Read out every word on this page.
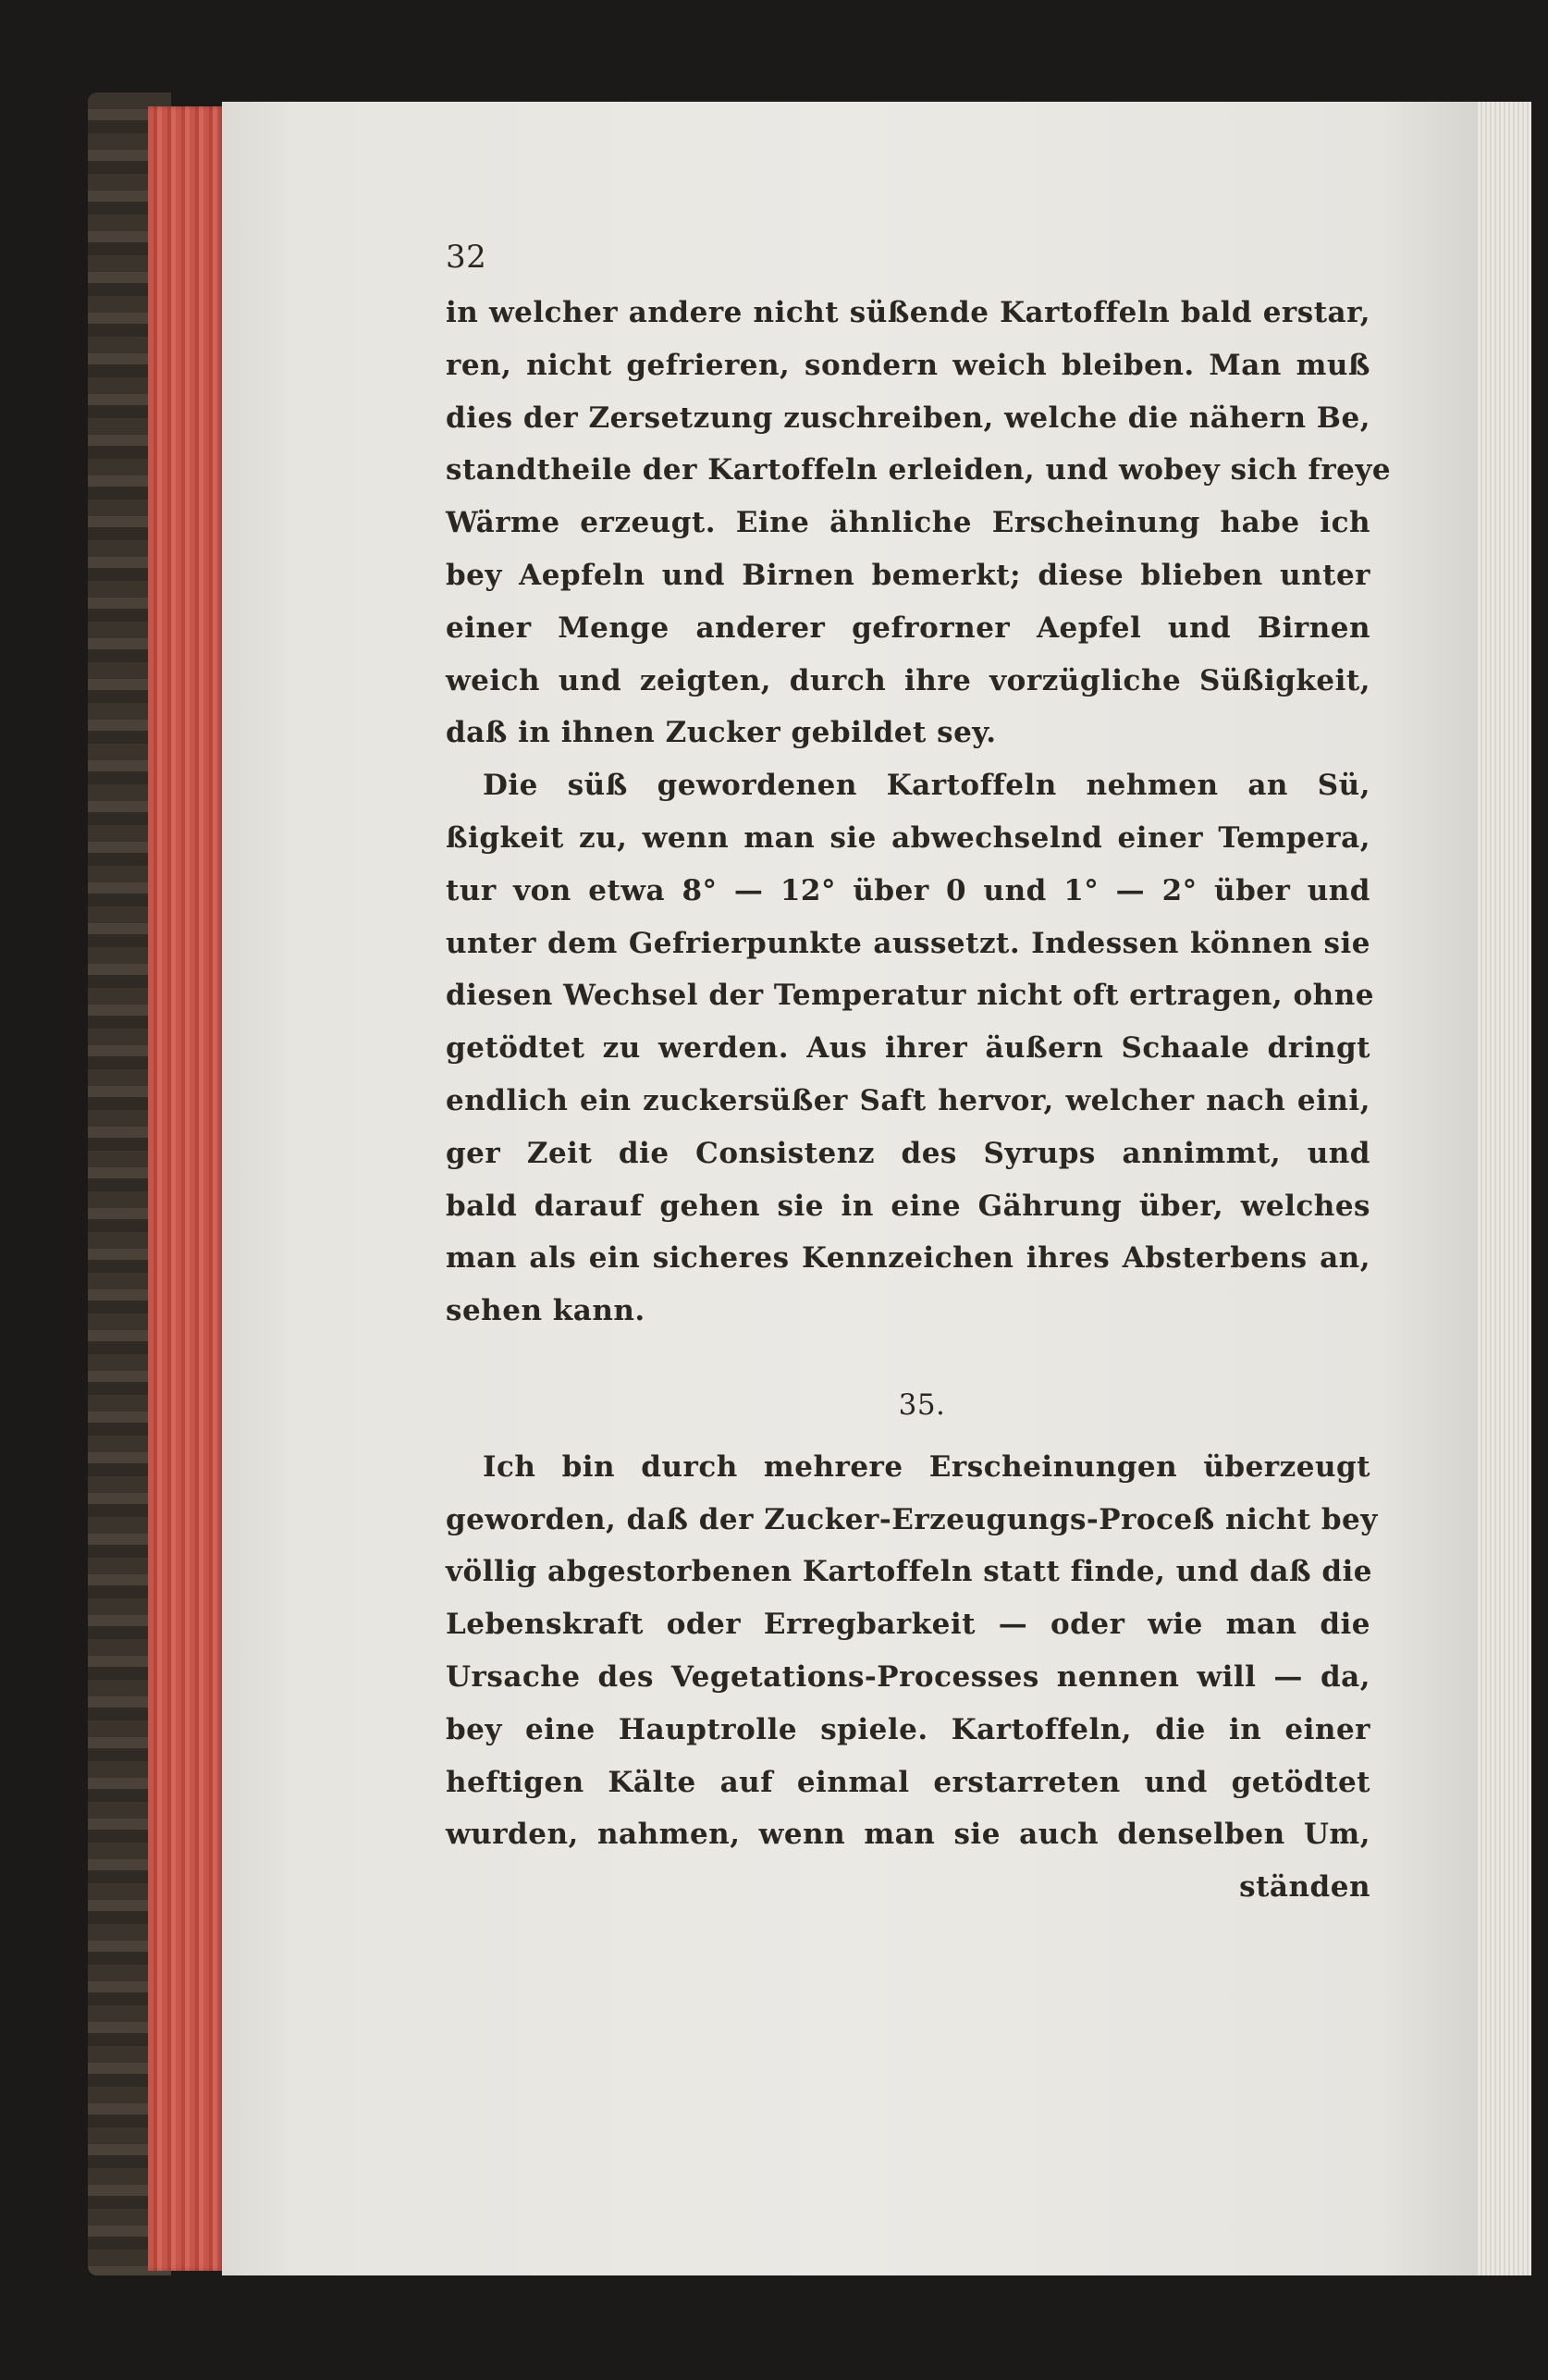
32
in welcher andere nicht süßende Kartoffeln bald erstar,
ren, nicht gefrieren, sondern weich bleiben. Man muß
dies der Zersetzung zuschreiben, welche die nähern Be,
standtheile der Kartoffeln erleiden, und wobey sich freye
Wärme erzeugt. Eine ähnliche Erscheinung habe ich
bey Aepfeln und Birnen bemerkt; diese blieben unter
einer Menge anderer gefrorner Aepfel und Birnen
weich und zeigten, durch ihre vorzügliche Süßigkeit,
daß in ihnen Zucker gebildet sey.
Die süß gewordenen Kartoffeln nehmen an Sü,
ßigkeit zu, wenn man sie abwechselnd einer Tempera,
tur von etwa 8° — 12° über 0 und 1° — 2° über und
unter dem Gefrierpunkte aussetzt. Indessen können sie
diesen Wechsel der Temperatur nicht oft ertragen, ohne
getödtet zu werden. Aus ihrer äußern Schaale dringt
endlich ein zuckersüßer Saft hervor, welcher nach eini,
ger Zeit die Consistenz des Syrups annimmt, und
bald darauf gehen sie in eine Gährung über, welches
man als ein sicheres Kennzeichen ihres Absterbens an,
sehen kann.
35.
Ich bin durch mehrere Erscheinungen überzeugt
geworden, daß der Zucker-Erzeugungs-Proceß nicht bey
völlig abgestorbenen Kartoffeln statt finde, und daß die
Lebenskraft oder Erregbarkeit — oder wie man die
Ursache des Vegetations-Processes nennen will — da,
bey eine Hauptrolle spiele. Kartoffeln, die in einer
heftigen Kälte auf einmal erstarreten und getödtet
wurden, nahmen, wenn man sie auch denselben Um,
ständen
